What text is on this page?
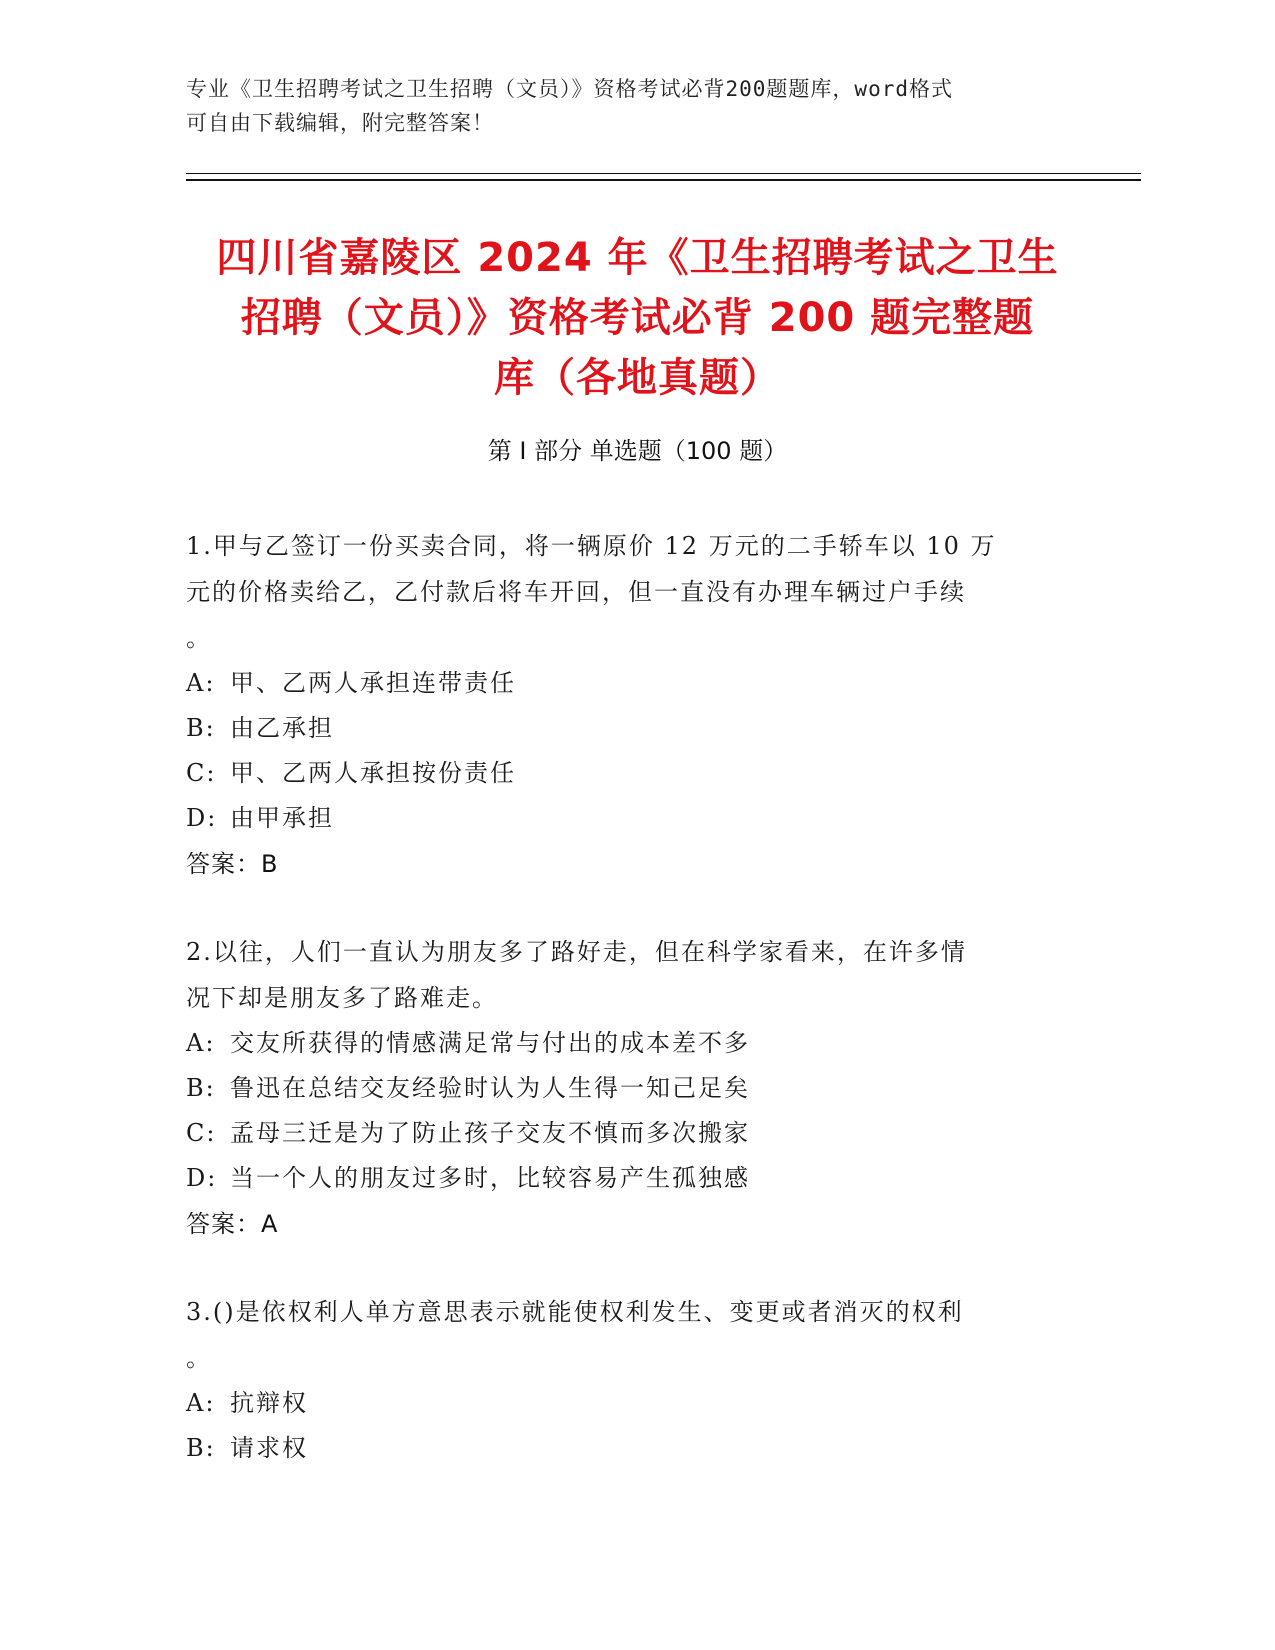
专业《卫生招聘考试之卫生招聘（文员）》资格考试必背200题题库，word格式
可自由下载编辑，附完整答案！
四川省嘉陵区 2024 年《卫生招聘考试之卫生
招聘（文员）》资格考试必背 200 题完整题
库（各地真题）
第 I 部分 单选题（100 题）
1.甲与乙签订一份买卖合同，将一辆原价 12 万元的二手轿车以 10 万
元的价格卖给乙，乙付款后将车开回，但一直没有办理车辆过户手续
。
A: 甲、乙两人承担连带责任
B: 由乙承担
C: 甲、乙两人承担按份责任
D: 由甲承担
答案：B
2.以往，人们一直认为朋友多了路好走，但在科学家看来，在许多情
况下却是朋友多了路难走。
A: 交友所获得的情感满足常与付出的成本差不多
B: 鲁迅在总结交友经验时认为人生得一知己足矣
C: 孟母三迁是为了防止孩子交友不慎而多次搬家
D: 当一个人的朋友过多时，比较容易产生孤独感
答案：A
3.()是依权利人单方意思表示就能使权利发生、变更或者消灭的权利
。
A: 抗辩权
B: 请求权
